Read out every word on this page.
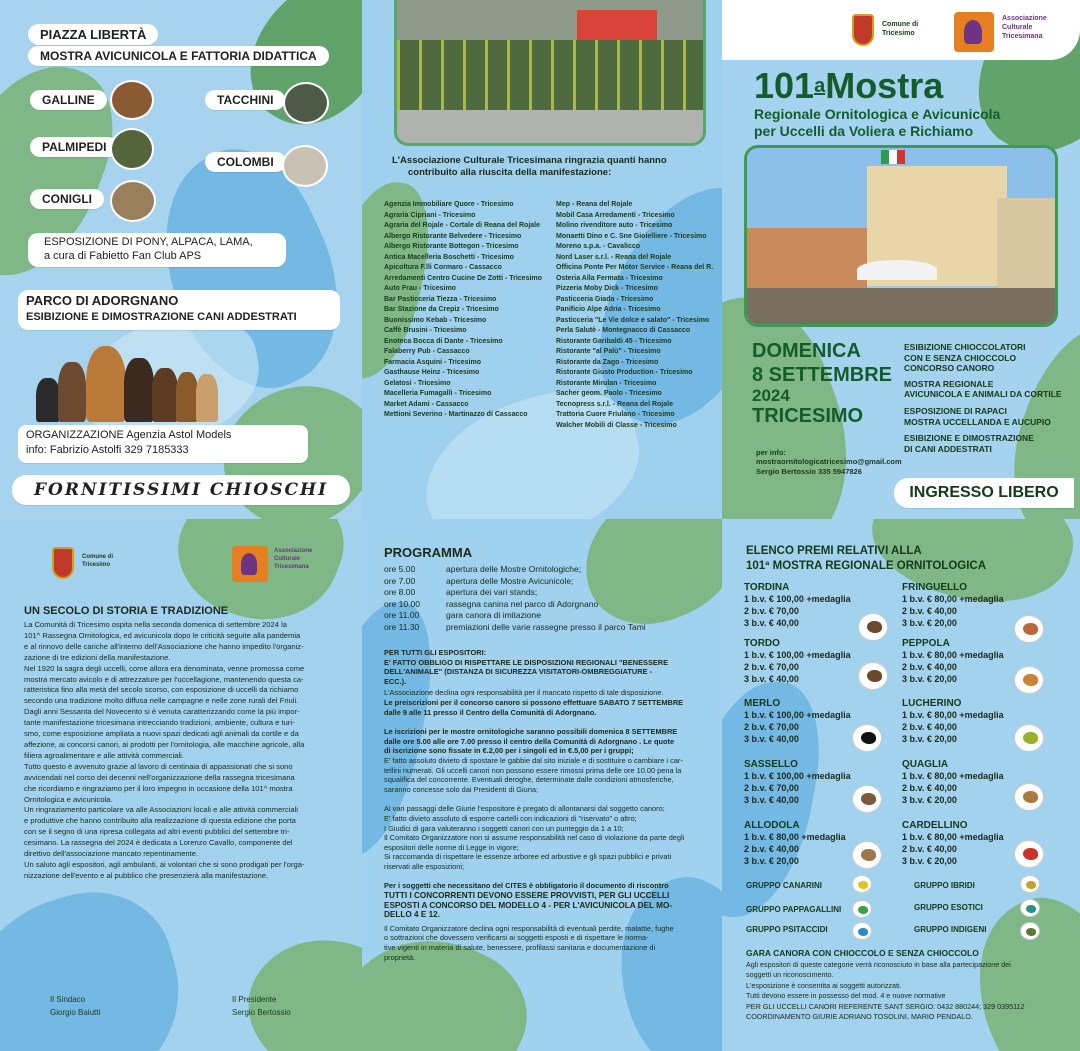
PIAZZA LIBERTÀ
MOSTRA AVICUNICOLA E FATTORIA DIDATTICA
GALLINE	TACCHINI
PALMIPEDI
COLOMBI
CONIGLI
ESPOSIZIONE DI PONY, ALPACA, LAMA,
a cura di Fabietto Fan Club APS
PARCO DI ADORGNANO
ESIBIZIONE E DIMOSTRAZIONE CANI ADDESTRATI
ORGANIZZAZIONE Agenzia Astol Models
info: Fabrizio Astolfi 329 7185333
FORNITISSIMI CHIOSCHI
L'Associazione Culturale Tricesimana ringrazia quanti hanno
contribuito alla riuscita della manifestazione:
Agenzia Immobiliare Quore - Tricesimo
Agraria Cipriani - Tricesimo
Agraria del Rojale - Cortale di Reana del Rojale
Albergo Ristorante Belvedere - Tricesimo
Albergo Ristorante Bottegon - Tricesimo
Antica Macelleria Boschetti - Tricesimo
Apicoltura F.lli Cormaro - Cassacco
Arredamenti Centro Cucine De Zotti - Tricesimo
Auto Frau - Tricesimo
Bar Pasticceria Tiezza - Tricesimo
Bar Stazione da Crepiz - Tricesimo
Buonissimo Kebab - Tricesimo
Caffè Brusini - Tricesimo
Enoteca Bocca di Dante - Tricesimo
Falaberry Pub - Cassacco
Farmacia Asquini - Tricesimo
Gasthause Heinz - Tricesimo
Gelatosi - Tricesimo
Macelleria Fumagalli - Tricesimo
Market Adami - Cassacco
Mettioni Severino - Martinazzo di Cassacco
Mep - Reana del Rojale
Mobil Casa Arredamenti - Tricesimo
Molino rivenditore auto - Tricesimo
Monaetti Dino e C. Sne Gioielliere - Tricesimo
Moreno s.p.a. - Cavalicco
Nord Laser s.r.l. - Reana del Rojale
Officina Ponte Per Motor Service - Reana del R.
Osteria Alla Fermata - Tricesimo
Pizzeria Moby Dick - Tricesimo
Pasticceria Giada - Tricesimo
Panificio Alpe Adria - Tricesimo
Pasticceria "Le Vie dolce e salato" - Tricesimo
Perla Salutè - Montegnacco di Cassacco
Ristorante Garibaldi 45 - Tricesimo
Ristorante "al Palù" - Tricesimo
Ristorante da Zago - Tricesimo
Ristorante Giusto Production - Tricesimo
Ristorante Mirulan - Tricesimo
Sacher geom. Paolo - Tricesimo
Tecnopress s.r.l. - Reana del Rojale
Trattoria Cuore Friulano - Tricesimo
Walcher Mobili di Classe - Tricesimo
Comune di
Tricesimo
Associazione
Culturale
Tricesimana
101$^a$Mostra
Regionale Ornitologica e Avicunicola
per Uccelli da Voliera e Richiamo
DOMENICA
8 SETTEMBRE
2024
TRICESIMO
per info:
mostraornitologicatricesimo@gmail.com
Sergio Bertossio 335 5947826
ESIBIZIONE CHIOCCOLATORI
CON E SENZA CHIOCCOLO
CONCORSO CANORO
MOSTRA REGIONALE
AVICUNICOLA E ANIMALI DA CORTILE
ESPOSIZIONE DI RAPACI
MOSTRA UCCELLANDA E AUCUPIO
ESIBIZIONE E DIMOSTRAZIONE
DI CANI ADDESTRATI
INGRESSO LIBERO
Comune di
Tricesimo
Associazione
Culturale
Tricesimana
UN SECOLO DI STORIA E TRADIZIONE
La Comunità di Tricesimo ospita nella seconda domenica di settembre 2024 la
101^ Rassegna Ornitologica, ed avicunicola dopo le criticità seguite alla pandemia
e al rinnovo delle cariche all'interno dell'Associazione che hanno impedito l'organiz-
zazione di tre edizioni della manifestazione.
Nel 1920 la sagra degli uccelli, come allora era denominata, venne promossa come
mostra mercato avicolo e di attrezzature per l'uccellagione, mantenendo questa ca-
ratteristica fino alla metà del secolo scorso, con esposizione di uccelli da richiamo
secondo una tradizione molto diffusa nelle campagne e nelle zone rurali del Friuli.
Dagli anni Sessanta del Novecento si è venuta caratterizzando come la più impor-
tante manifestazione tricesimana intrecciando tradizioni, ambiente, cultura e turi-
smo, come esposizione ampliata a nuovi spazi dedicati agli animali da cortile e da
affezione, ai concorsi canori, ai prodotti per l'ornitologia, alle macchine agricole, alla
filiera agroalimentare e alle attività commerciali.
Tutto questo è avvenuto grazie al lavoro di centinaia di appassionati che si sono
avvicendati nel corso dei decenni nell'organizzazione della rassegna tricesimana
che ricordiamo e ringraziamo per il loro impegno in occasione della 101^ mostra
Ornitologica e avicunicola.
Un ringraziamento particolare va alle Associazioni locali e alle attività commerciali
e produttive che hanno contribuito alla realizzazione di questa edizione che porta
con se il segno di una ripresa collegata ad altri eventi pubblici del settembre tri-
cesimano. La rassegna del 2024 è dedicata a Lorenzo Cavallo, componente del
direttivo dell'associazione mancato repentinamente.
Un saluto agli espositori, agli ambulanti, ai volontari che si sono prodigati per l'orga-
nizzazione dell'evento e al pubblico che presenzierà alla manifestazione.
Il Sindaco
Giorgio Baiutti
Il Presidente
Sergio Bertossio
PROGRAMMA
ore 5.00	apertura delle Mostre Ornitologiche;
ore 7.00	apertura delle Mostre Avicunicole;
ore 8.00	apertura dei vari stands;
ore 10.00	rassegna canina nel parco di Adorgnano
ore 11.00	gara canora di imitazione
ore 11.30	premiazioni delle varie rassegne presso il parco Tami
PER TUTTI GLI ESPOSITORI:
E' FATTO OBBLIGO DI RISPETTARE LE DISPOSIZIONI REGIONALI "BENESSERE
DELL'ANIMALE" (DISTANZA DI SICUREZZA VISITATORI-OMBREGGIATURE -
ECC.).
L'Associazione declina ogni responsabilità per il mancato rispetto di tale disposizione.
Le preiscrizioni per il concorso canoro si possono effettuare SABATO 7 SETTEMBRE
dalle 9 alle 11 presso il Centro della Comunità di Adorgnano.
Le iscrizioni per le mostre ornitologiche saranno possibili domenica 8 SETTEMBRE
dalle ore 5.00 alle ore 7.00 presso il centro della Comunità di Adorgnano . Le quote
di iscrizione sono fissate in €.2,00 per i singoli ed in €.5,00 per i gruppi;
E' fatto assoluto divieto di spostare le gabbie dal sito iniziale e di sostituire o cambiare i car-
tellini numerati. Gli uccelli canori non possono essere rimossi prima delle ore 10.00 pena la
squalifica del concorrente. Eventuali deroghe, determinate dalle condizioni atmosferiche,
saranno concesse solo dai Presidenti di Giuria;
Ai vari passaggi delle Giurie l'espositore è pregato di allontanarsi dal soggetto canoro;
E' fatto divieto assoluto di esporre cartelli con indicazioni di "riservato" o altro;
I Giudici di gara valuteranno i soggetti canori con un punteggio da 1 a 10;
Il Comitato Organizzatore non si assume responsabilità nel caso di violazione da parte degli
espositori delle norme di Legge in vigore;
Si raccomanda di rispettare le essenze arboree ed arbustive e gli spazi pubblici e privati
riservati alle esposizioni;
Per i soggetti che necessitano del CITES è obbligatorio il documento di riscontro
TUTTI I CONCORRENTI DEVONO ESSERE PROVVISTI, PER GLI UCCELLI
ESPOSTI A CONCORSO DEL MODELLO 4 - PER L'AVICUNICOLA DEL MO-
DELLO 4 E 12.
Il Comitato Organizzatore declina ogni responsabilità di eventuali perdite, malattie, fughe
o sottrazioni che dovessero verificarsi ai soggetti esposti e di rispettare le norma-
tive vigenti in materia di salute, benessere, profilassi sanitaria e documentazione di
proprietà.
ELENCO PREMI RELATIVI ALLA
101ª MOSTRA REGIONALE ORNITOLOGICA
TORDINA
1 b.v. € 100,00 +medaglia
2 b.v. € 70,00
3 b.v. € 40,00
TORDO
1 b.v. € 100,00 +medaglia
2 b.v. € 70,00
3 b.v. € 40,00
MERLO
1 b.v. € 100,00 +medaglia
2 b.v. € 70,00
3 b.v. € 40,00
SASSELLO
1 b.v. € 100,00 +medaglia
2 b.v. € 70,00
3 b.v. € 40,00
ALLODOLA
1 b.v. € 80,00 +medaglia
2 b.v. € 40,00
3 b.v. € 20,00
FRINGUELLO
1 b.v. € 80,00 +medaglia
2 b.v. € 40,00
3 b.v. € 20,00
PEPPOLA
1 b.v. € 80,00 +medaglia
2 b.v. € 40,00
3 b.v. € 20,00
LUCHERINO
1 b.v. € 80,00 +medaglia
2 b.v. € 40,00
3 b.v. € 20,00
QUAGLIA
1 b.v. € 80,00 +medaglia
2 b.v. € 40,00
3 b.v. € 20,00
CARDELLINO
1 b.v. € 80,00 +medaglia
2 b.v. € 40,00
3 b.v. € 20,00
GRUPPO CANARINI
GRUPPO PAPPAGALLINI
GRUPPO PSITACCIDI
GRUPPO IBRIDI
GRUPPO ESOTICI
GRUPPO INDIGENI
GARA CANORA CON CHIOCCOLO E SENZA CHIOCCOLO
Agli espositori di queste categorie verrà riconosciuto in base alla partecipazione dei
soggetti un riconoscimento.
L'esposizione è consentita ai soggetti autorizzati.
Tutti devono essere in possesso del mod. 4 e nuove normative
PER GLI UCCELLI CANORI REFERENTE SANT SERGIO: 0432 880244; 329 0395112
COORDINAMENTO GIURIE ADRIANO TOSOLINI, MARIO PENDALO.
